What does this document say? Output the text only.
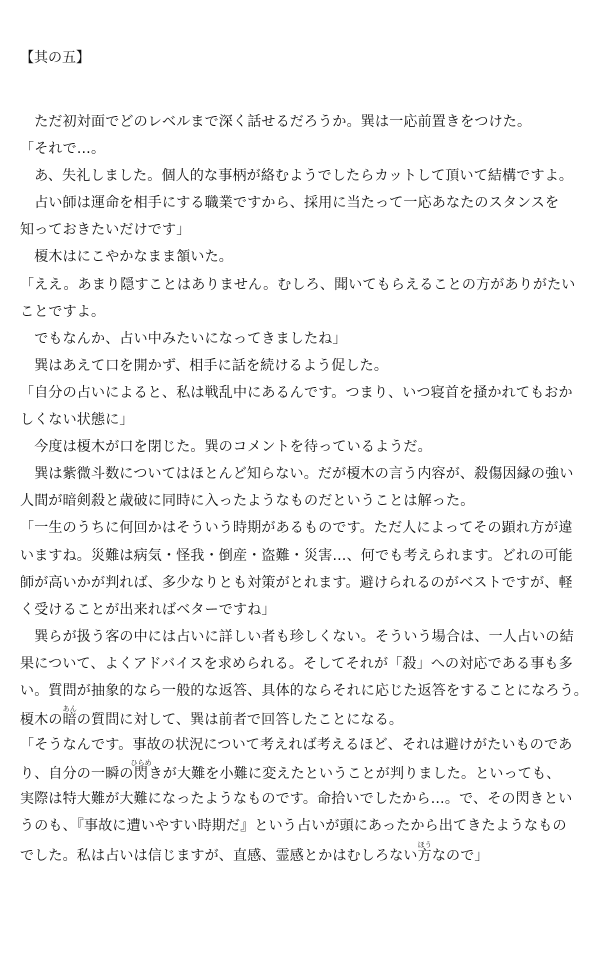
【其の五】
　ただ初対面でどのレベルまで深く話せるだろうか。巽は一応前置きをつけた。
「それで…。
　あ、失礼しました。個人的な事柄が絡むようでしたらカットして頂いて結構ですよ。
　占い師は運命を相手にする職業ですから、採用に当たって一応あなたのスタンスを
知っておきたいだけです」
　榎木はにこやかなまま頷いた。
「ええ。あまり隠すことはありません。むしろ、聞いてもらえることの方がありがたい
ことですよ。
　でもなんか、占い中みたいになってきましたね」
　巽はあえて口を開かず、相手に話を続けるよう促した。
「自分の占いによると、私は戦乱中にあるんです。つまり、いつ寝首を掻かれてもおか
しくない状態に」
　今度は榎木が口を閉じた。巽のコメントを待っているようだ。
　巽は紫微斗数についてはほとんど知らない。だが榎木の言う内容が、殺傷因縁の強い
人間が暗剣殺と歳破に同時に入ったようなものだということは解った。
「一生のうちに何回かはそういう時期があるものです。ただ人によってその顕れ方が違
いますね。災難は病気・怪我・倒産・盗難・災害…、何でも考えられます。どれの可能
師が高いかが判れば、多少なりとも対策がとれます。避けられるのがベストですが、軽
く受けることが出来ればベターですね」
　巽らが扱う客の中には占いに詳しい者も珍しくない。そういう場合は、一人占いの結
果について、よくアドバイスを求められる。そしてそれが「殺」への対応である事も多
い。質問が抽象的なら一般的な返答、具体的ならそれに応じた返答をすることになろう。
榎木の暗あんの質問に対して、巽は前者で回答したことになる。
「そうなんです。事故の状況について考えれば考えるほど、それは避けがたいものであ
り、自分の一瞬の閃ひらめきが大難を小難に変えたということが判りました。といっても、
実際は特大難が大難になったようなものです。命拾いでしたから…。で、その閃きとい
うのも、『事故に遭いやすい時期だ』という占いが頭にあったから出てきたようなもの
でした。私は占いは信じますが、直感、霊感とかはむしろない方ほうなので」
